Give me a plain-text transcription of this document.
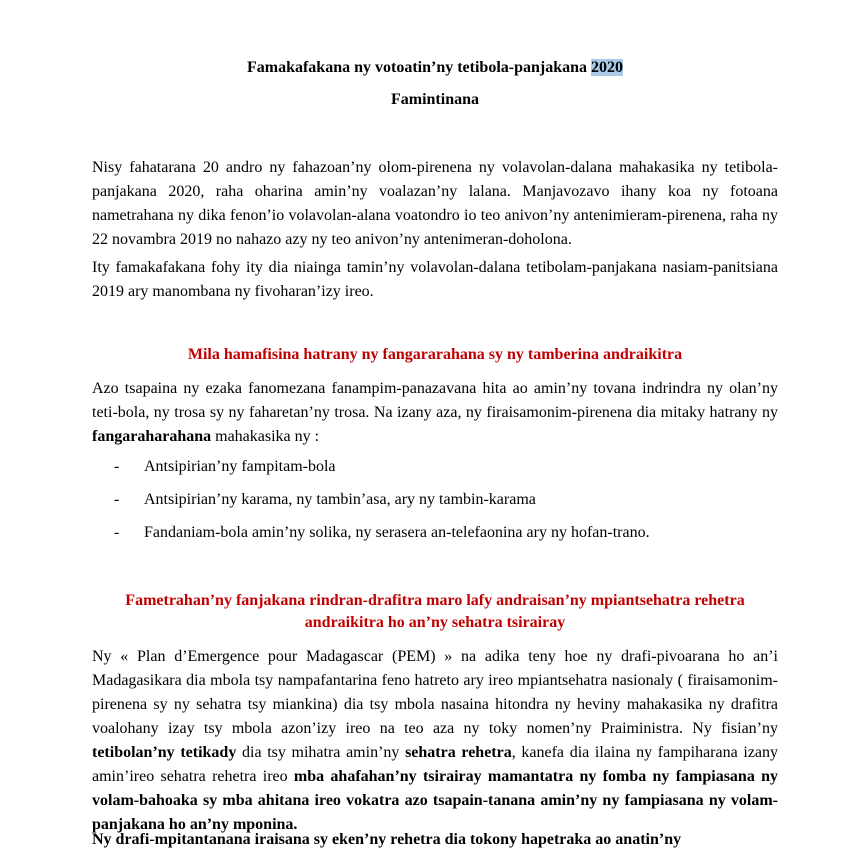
Famakafakana ny votoatin’ny tetibola-panjakana 2020
Famintinana

Nisy fahatarana 20 andro ny fahazoan’ny olom-pirenena ny volavolan-dalana mahakasika ny tetibola-panjakana 2020, raha oharina amin’ny voalazan’ny lalana. Manjavozavo ihany koa ny fotoana nametrahana ny dika fenon’io volavolan-alana voatondro io teo anivon’ny antenimieram-pirenena, raha ny 22 novambra 2019 no nahazo azy ny teo anivon’ny antenimeran-doholona.

Ity famakafakana fohy ity dia niainga tamin’ny volavolan-dalana tetibolam-panjakana nasiam-panitsiana 2019 ary manombana ny fivoharan’izy ireo.

Mila hamafisina hatrany ny fangararahana sy ny tamberina andraikitra

Azo tsapaina ny ezaka fanomezana fanampim-panazavana hita ao amin’ny tovana indrindra ny olan’ny teti-bola, ny trosa sy ny faharetan’ny trosa. Na izany aza, ny firaisamonim-pirenena dia mitaky hatrany ny fangaraharahana mahakasika ny :

- Antsipirian’ny fampitam-bola
- Antsipirian’ny karama, ny tambin’asa, ary ny tambin-karama
- Fandaniam-bola amin’ny solika, ny serasera an-telefaonina ary ny hofan-trano.
Fametrahan’ny fanjakana rindran-drafitra maro lafy andraisan’ny mpiantsehatra rehetra
andraikitra ho an’ny sehatra tsirairay

Ny « Plan d’Emergence pour Madagascar (PEM) » na adika teny hoe ny drafi-pivoarana ho an’i Madagasikara dia mbola tsy nampafantarina feno hatreto ary ireo mpiantsehatra nasionaly ( firaisamonim-pirenena sy ny sehatra tsy miankina) dia tsy mbola nasaina hitondra ny heviny mahakasika ny drafitra voalohany izay tsy mbola azon’izy ireo na teo aza ny toky nomen’ny Praiministra. Ny fisian’ny tetibolan’ny tetikady dia tsy mihatra amin’ny sehatra rehetra, kanefa dia ilaina ny fampiharana izany amin’ireo sehatra rehetra ireo mba ahafahan’ny tsirairay mamantatra ny fomba ny fampiasana ny volam-bahoaka sy mba ahitana ireo vokatra azo tsapain-tanana amin’ny ny fampiasana ny volam-panjakana ho an’ny mponina.

Ny drafi-mpitantanana iraisana sy eken’ny rehetra dia tokony hapetraka ao anatin’ny
